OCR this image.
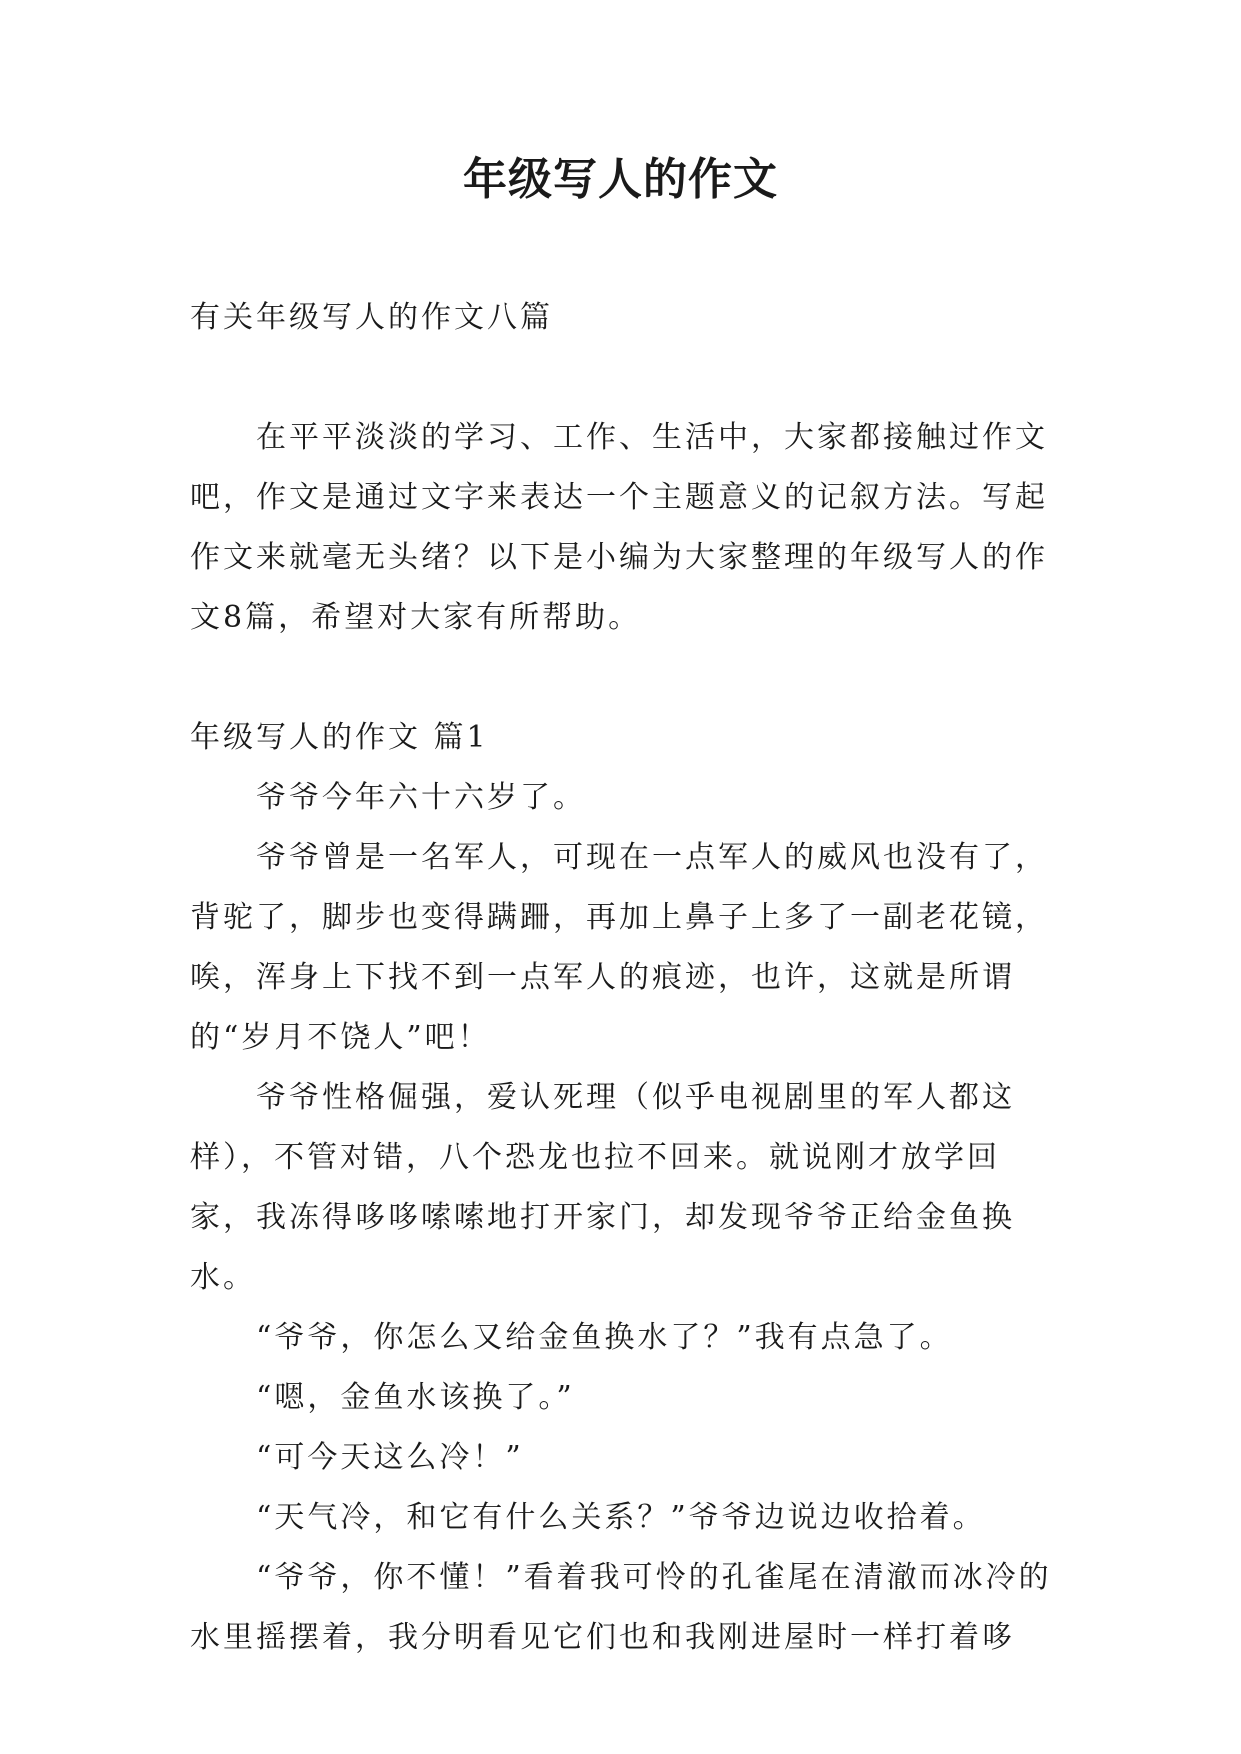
年级写人的作文

有关年级写人的作文八篇

在平平淡淡的学习、工作、生活中，大家都接触过作文吧，作文是通过文字来表达一个主题意义的记叙方法。写起作文来就毫无头绪？以下是小编为大家整理的年级写人的作文8篇，希望对大家有所帮助。

年级写人的作文 篇1

爷爷今年六十六岁了。

爷爷曾是一名军人，可现在一点军人的威风也没有了，背驼了，脚步也变得蹒跚，再加上鼻子上多了一副老花镜，唉，浑身上下找不到一点军人的痕迹，也许，这就是所谓的“岁月不饶人”吧！

爷爷性格倔强，爱认死理（似乎电视剧里的军人都这样），不管对错，八个恐龙也拉不回来。就说刚才放学回家，我冻得哆哆嗦嗦地打开家门，却发现爷爷正给金鱼换水。

“爷爷，你怎么又给金鱼换水了？”我有点急了。

“嗯，金鱼水该换了。”

“可今天这么冷！”

“天气冷，和它有什么关系？”爷爷边说边收拾着。

“爷爷，你不懂！”看着我可怜的孔雀尾在清澈而冰冷的水里摇摆着，我分明看见它们也和我刚进屋时一样打着哆
